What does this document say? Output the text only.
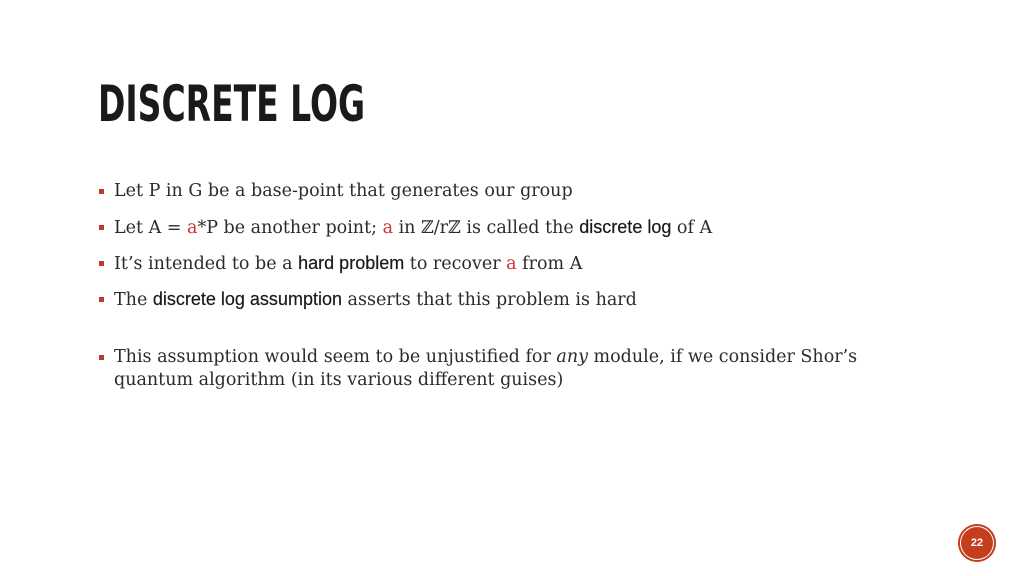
DISCRETE LOG
Let P in G be a base-point that generates our group
Let A = a*P be another point; a in ℤ/rℤ is called the discrete log of A
It’s intended to be a hard problem to recover a from A
The discrete log assumption asserts that this problem is hard
This assumption would seem to be unjustified for any module, if we consider Shor’s quantum algorithm (in its various different guises)
22
